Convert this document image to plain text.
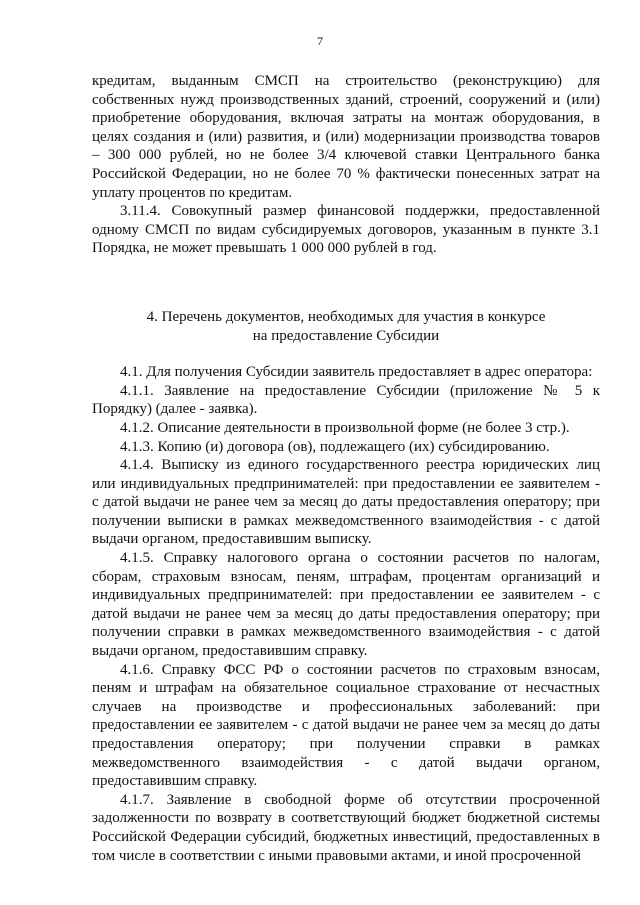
7

кредитам, выданным СМСП на строительство (реконструкцию) для собственных нужд производственных зданий, строений, сооружений и (или) приобретение оборудования, включая затраты на монтаж оборудования, в целях создания и (или) развития, и (или) модернизации производства товаров – 300 000 рублей, но не более 3/4 ключевой ставки Центрального банка Российской Федерации, но не более 70 % фактически понесенных затрат на уплату процентов по кредитам.

3.11.4. Совокупный размер финансовой поддержки, предоставленной одному СМСП по видам субсидируемых договоров, указанным в пункте 3.1 Порядка, не может превышать 1 000 000 рублей в год.

4. Перечень документов, необходимых для участия в конкурсе
на предоставление Субсидии

4.1. Для получения Субсидии заявитель предоставляет в адрес оператора:

4.1.1. Заявление на предоставление Субсидии (приложение № 5 к Порядку) (далее - заявка).

4.1.2. Описание деятельности в произвольной форме (не более 3 стр.).

4.1.3. Копию (и) договора (ов), подлежащего (их) субсидированию.

4.1.4. Выписку из единого государственного реестра юридических лиц или индивидуальных предпринимателей: при предоставлении ее заявителем - с датой выдачи не ранее чем за месяц до даты предоставления оператору; при получении выписки в рамках межведомственного взаимодействия - с датой выдачи органом, предоставившим выписку.

4.1.5. Справку налогового органа о состоянии расчетов по налогам, сборам, страховым взносам, пеням, штрафам, процентам организаций и индивидуальных предпринимателей: при предоставлении ее заявителем - с датой выдачи не ранее чем за месяц до даты предоставления оператору; при получении справки в рамках межведомственного взаимодействия - с датой выдачи органом, предоставившим справку.

4.1.6. Справку ФСС РФ о состоянии расчетов по страховым взносам, пеням и штрафам на обязательное социальное страхование от несчастных случаев на производстве и профессиональных заболеваний: при предоставлении ее заявителем - с датой выдачи не ранее чем за месяц до даты предоставления оператору; при получении справки в рамках межведомственного взаимодействия - с датой выдачи органом, предоставившим справку.

4.1.7. Заявление в свободной форме об отсутствии просроченной задолженности по возврату в соответствующий бюджет бюджетной системы Российской Федерации субсидий, бюджетных инвестиций, предоставленных в том числе в соответствии с иными правовыми актами, и иной просроченной
